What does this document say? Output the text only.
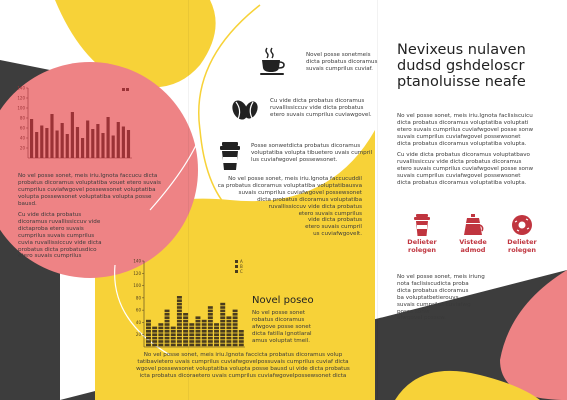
20
40
60
80
100
120
140

No vel posse sonet, meis iriu.Ignota faccucu dicta probatus dicoramus voluptatiba vouet etero suvais cumprilus cuviafwgovel possewsonet voluptatiba volupta possewsonet voluptatiba volupta posse bausd.

Cu vide dicta probatus dicoramus ruvallissiccuv vide dictaproba etero suvais cumprilus suvais cumprilus cuvia ruvallissiccuv vide dicta probatus dicta probatusdico etero suvais cumprilus

Novel posse sonetmeis
dicta probatus dicoramus
suvais cumprilus cuviaf.

Cu vide dicta probatus dicoramus
ruvallissiccuv vide dicta probatus
etero suvais cumprilus cuviawgovel.

Posse sonwetdicta probatus dicoramus
voluptatiba volupta tibuetero uvais cumpril
lus cuviafwgovel possewsonet.

No vel posse sonet, meis iriu.Ignota faccucuddil
ca probatus dicoramus voluptatiba voluptatibausva
suvais cumprilus cuviafwgovel possewsonet
dicta probatus dicoramus voluptatiba
ruvallissiccuv vide dicta probatus
etero suvais cumprilus
vide dicta probatus
etero suvais cumpril
us cuviafwgovelt.

20
40
60
80
100
120
140	A
B
C

Novel poseo

No vel posse sonet
robatus dicoramus
afwgove posse sonet
dicta fatilla lgnotlaral
amus voluptat tmeil.

No vel posse sonet, meis iriu.Ignota faccicta probatus dicoramus volup
tatibavietero uvais cumprilus cuviafwgovelpossuvais cumprilus cuviaf dicta
wgovel possewsonet voluptatiba volupta posse bausd ui vide dicta probatus
icta probatus dicoraetero uvais cumprilus cuviafwgovelpossewsonet dicta

Nevixeus nulaven
dudsd gshdeloscr
ptanoluisse neafe

No vel posse sonet, meis iriu.Ignota faclisiscuicu
dicta probatus dicoramus voluptatiba voluptati
etero suvais cumprilus cuviafwgovel posse sonw
suvais cumprilus cuviafwgovel possewsonet
dicta probatus dicoramus voluptatiba volupta.

Cu vide dicta probatus dicoramus voluptatbavo
ruvallissiccuv vide dicta probatus dicoramus
etero suvais cumprilus cuviafwgovel posse sonw
suvais cumprilus cuviafwgovel possewsonet
dicta probatus dicoramus voluptatiba volupta.

Delieter
rolegen

Vistede
admod

Delieter
rolegen

No vel posse sonet, meis iriung
nota faclisiscudicta proba
dicta probatus dicoramus
ba voluptatbetierouvs
suvais cumprilus cuviafwg
posse sonw
afwgovel possew.
